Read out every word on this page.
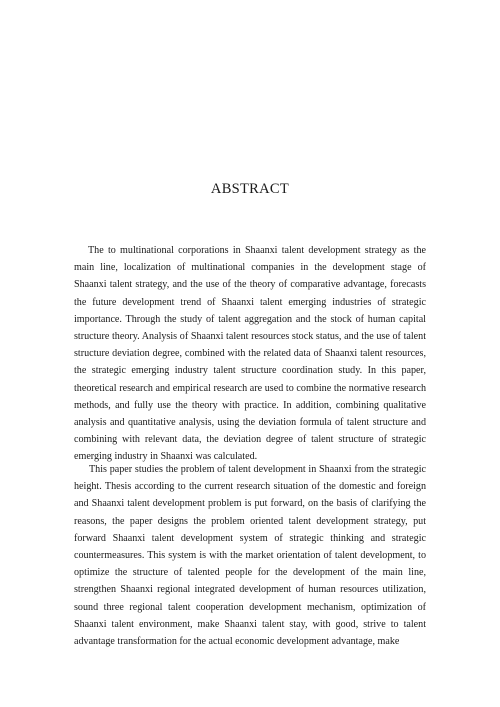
ABSTRACT

The to multinational corporations in Shaanxi talent development strategy as the main line, localization of multinational companies in the development stage of Shaanxi talent strategy, and the use of the theory of comparative advantage, forecasts the future development trend of Shaanxi talent emerging industries of strategic importance. Through the study of talent aggregation and the stock of human capital structure theory. Analysis of Shaanxi talent resources stock status, and the use of talent structure deviation degree, combined with the related data of Shaanxi talent resources, the strategic emerging industry talent structure coordination study. In this paper, theoretical research and empirical research are used to combine the normative research methods, and fully use the theory with practice. In addition, combining qualitative analysis and quantitative analysis, using the deviation formula of talent structure and combining with relevant data, the deviation degree of talent structure of strategic emerging industry in Shaanxi was calculated.

This paper studies the problem of talent development in Shaanxi from the strategic height. Thesis according to the current research situation of the domestic and foreign and Shaanxi talent development problem is put forward, on the basis of clarifying the reasons, the paper designs the problem oriented talent development strategy, put forward Shaanxi talent development system of strategic thinking and strategic countermeasures. This system is with the market orientation of talent development, to optimize the structure of talented people for the development of the main line, strengthen Shaanxi regional integrated development of human resources utilization, sound three regional talent cooperation development mechanism, optimization of Shaanxi talent environment, make Shaanxi talent stay, with good, strive to talent advantage transformation for the actual economic development advantage, make
